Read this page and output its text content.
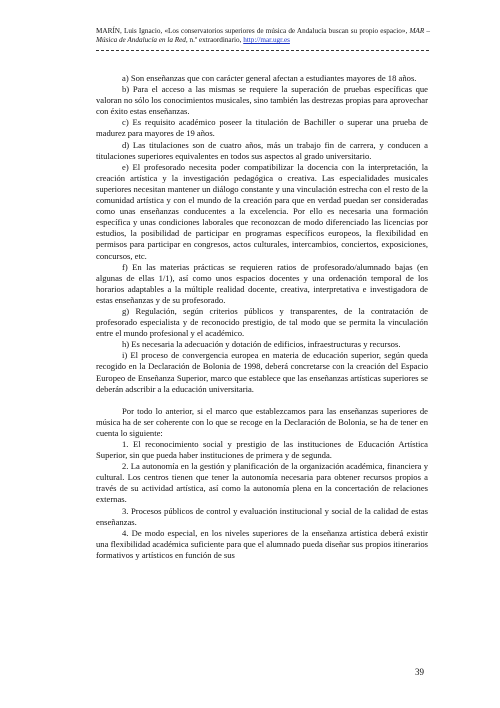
MARÍN, Luis Ignacio, «Los conservatorios superiores de música de Andalucía buscan su propio espacio», MAR – Música de Andalucía en la Red, n.º extraordinario, http://mar.ugr.es

a) Son enseñanzas que con carácter general afectan a estudiantes mayores de 18 años.

b) Para el acceso a las mismas se requiere la superación de pruebas específicas que valoran no sólo los conocimientos musicales, sino también las destrezas propias para aprovechar con éxito estas enseñanzas.

c) Es requisito académico poseer la titulación de Bachiller o superar una prueba de madurez para mayores de 19 años.

d) Las titulaciones son de cuatro años, más un trabajo fin de carrera, y conducen a titulaciones superiores equivalentes en todos sus aspectos al grado universitario.

e) El profesorado necesita poder compatibilizar la docencia con la interpretación, la creación artística y la investigación pedagógica o creativa. Las especialidades musicales superiores necesitan mantener un diálogo constante y una vinculación estrecha con el resto de la comunidad artística y con el mundo de la creación para que en verdad puedan ser consideradas como unas enseñanzas conducentes a la excelencia. Por ello es necesaria una formación específica y unas condiciones laborales que reconozcan de modo diferenciado las licencias por estudios, la posibilidad de participar en programas específicos europeos, la flexibilidad en permisos para participar en congresos, actos culturales, intercambios, conciertos, exposiciones, concursos, etc.

f) En las materias prácticas se requieren ratios de profesorado/alumnado bajas (en algunas de ellas 1/1), así como unos espacios docentes y una ordenación temporal de los horarios adaptables a la múltiple realidad docente, creativa, interpretativa e investigadora de estas enseñanzas y de su profesorado.

g) Regulación, según criterios públicos y transparentes, de la contratación de profesorado especialista y de reconocido prestigio, de tal modo que se permita la vinculación entre el mundo profesional y el académico.

h) Es necesaria la adecuación y dotación de edificios, infraestructuras y recursos.

i) El proceso de convergencia europea en materia de educación superior, según queda recogido en la Declaración de Bolonia de 1998, deberá concretarse con la creación del Espacio Europeo de Enseñanza Superior, marco que establece que las enseñanzas artísticas superiores se deberán adscribir a la educación universitaria.

Por todo lo anterior, si el marco que establezcamos para las enseñanzas superiores de música ha de ser coherente con lo que se recoge en la Declaración de Bolonia, se ha de tener en cuenta lo siguiente:

1. El reconocimiento social y prestigio de las instituciones de Educación Artística Superior, sin que pueda haber instituciones de primera y de segunda.

2. La autonomía en la gestión y planificación de la organización académica, financiera y cultural. Los centros tienen que tener la autonomía necesaria para obtener recursos propios a través de su actividad artística, así como la autonomía plena en la concertación de relaciones externas.

3. Procesos públicos de control y evaluación institucional y social de la calidad de estas enseñanzas.

4. De modo especial, en los niveles superiores de la enseñanza artística deberá existir una flexibilidad académica suficiente para que el alumnado pueda diseñar sus propios itinerarios formativos y artísticos en función de sus

39
